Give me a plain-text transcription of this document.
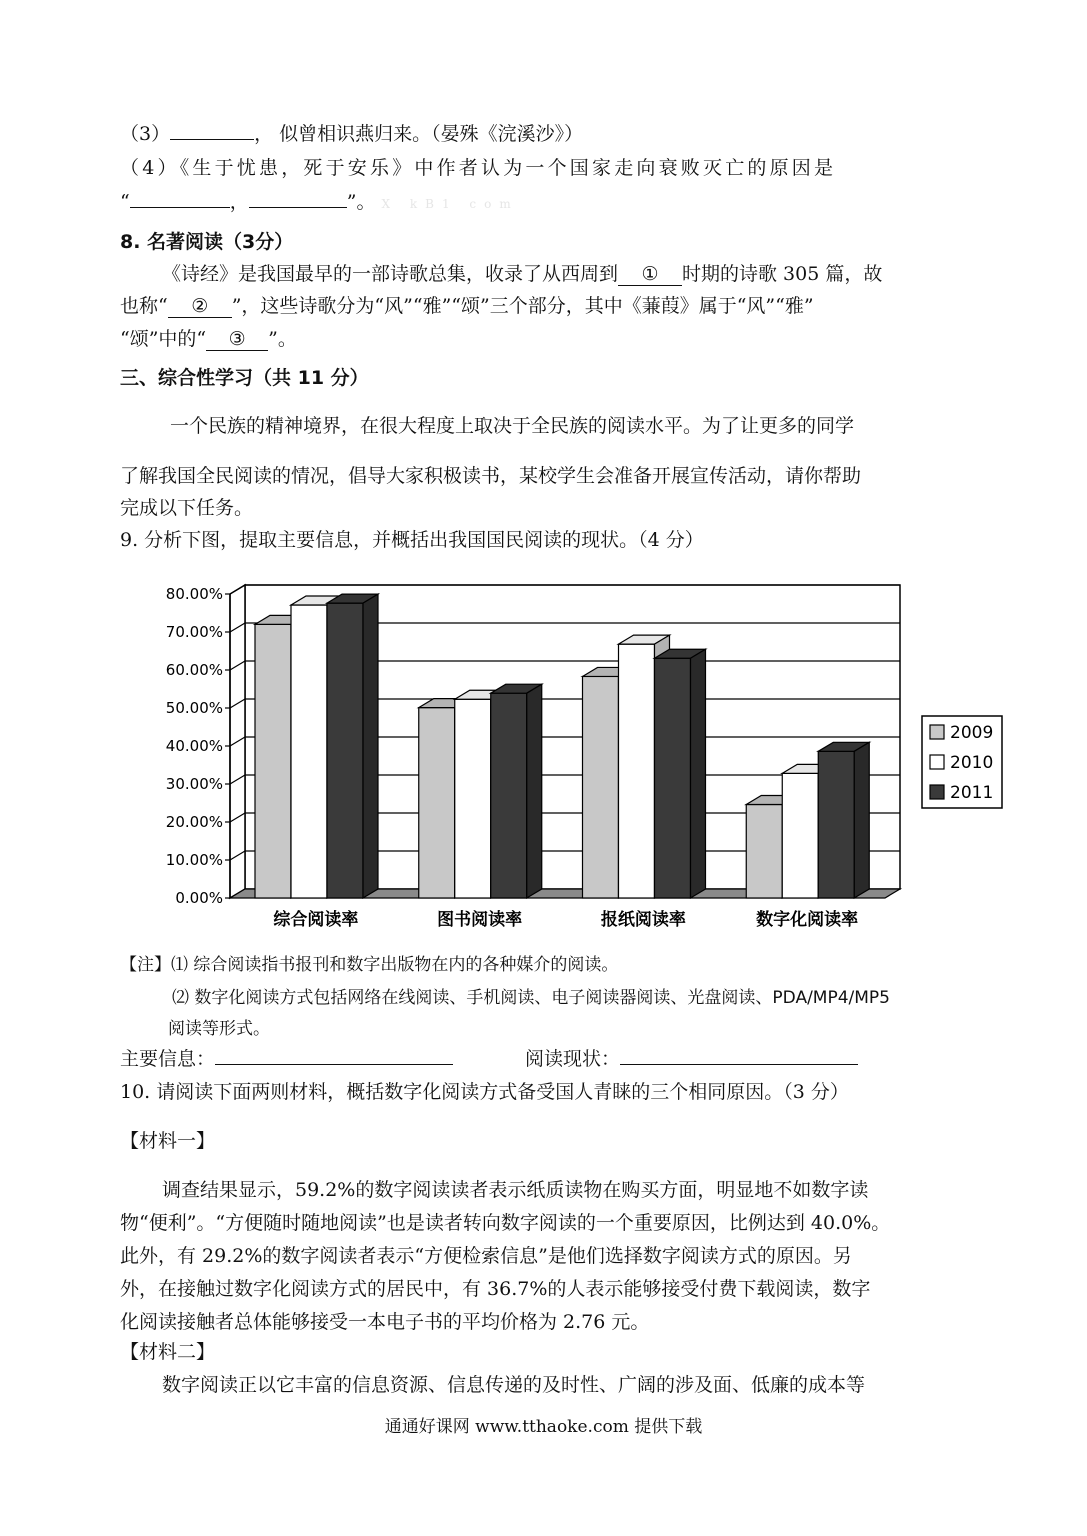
（3）	， 似曾相识燕归来。（晏殊《浣溪沙》）
（4）《生于忧患，死于安乐》中作者认为一个国家走向衰败灭亡的原因是
“	，	”。 X kB1 com
8. 名著阅读（3分）
《诗经》是我国最早的一部诗歌总集，收录了从西周到 ① 时期的诗歌 305 篇，故
也称“ ② ”，这些诗歌分为“风”“雅”“颂”三个部分，其中《蒹葭》属于“风”“雅”
“颂”中的“ ③ ”。
三、综合性学习（共 11 分）
一个民族的精神境界，在很大程度上取决于全民族的阅读水平。为了让更多的同学
了解我国全民阅读的情况，倡导大家积极读书，某校学生会准备开展宣传活动，请你帮助
完成以下任务。
9. 分析下图，提取主要信息，并概括出我国国民阅读的现状。（4 分）
0.00%
10.00%
20.00%
30.00%
40.00%
50.00%
60.00%
70.00%
80.00%
综合阅读率	图书阅读率	报纸阅读率	数字化阅读率
2009
2010
2011
【注】⑴ 综合阅读指书报刊和数字出版物在内的各种媒介的阅读。
⑵ 数字化阅读方式包括网络在线阅读、手机阅读、电子阅读器阅读、光盘阅读、PDA/MP4/MP5
阅读等形式。
主要信息：	阅读现状：
10. 请阅读下面两则材料，概括数字化阅读方式备受国人青睐的三个相同原因。（3 分）
【材料一】
调查结果显示，59.2%的数字阅读读者表示纸质读物在购买方面，明显地不如数字读
物“便利”。“方便随时随地阅读”也是读者转向数字阅读的一个重要原因，比例达到 40.0%。
此外，有 29.2%的数字阅读者表示“方便检索信息”是他们选择数字阅读方式的原因。另
外，在接触过数字化阅读方式的居民中，有 36.7%的人表示能够接受付费下载阅读，数字
化阅读接触者总体能够接受一本电子书的平均价格为 2.76 元。
【材料二】
数字阅读正以它丰富的信息资源、信息传递的及时性、广阔的涉及面、低廉的成本等
通通好课网 www.tthaoke.com 提供下载
